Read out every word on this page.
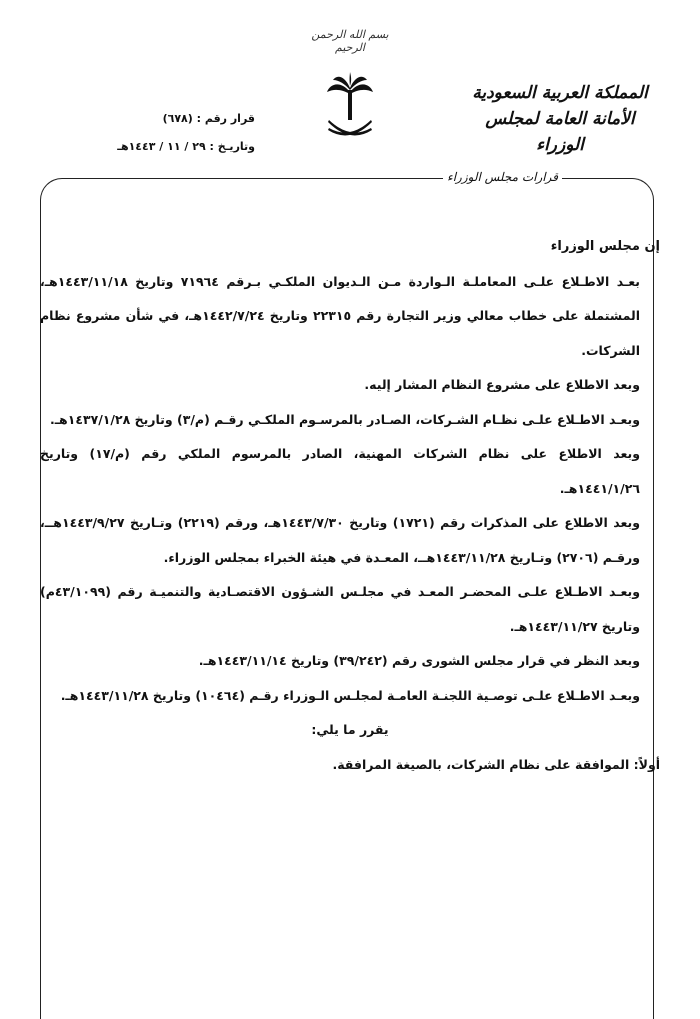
بسم الله الرحمن الرحيم
المملكة العربية السعودية
الأمانة العامة لمجلس الوزراء
قرار رقم : (٦٧٨)
وتاريـخ : ٢٩ / ١١ / ١٤٤٣هـ
قرارات مجلس الوزراء

إن مجلس الوزراء

بعـد الاطـلاع علـى المعاملـة الـواردة مـن الـديوان الملكـي بـرقم ٧١٩٦٤ وتاريخ ١٤٤٣/١١/١٨هـ، المشتملة على خطاب معالي وزير التجارة رقم ٢٢٣١٥ وتاريخ ١٤٤٢/٧/٢٤هـ، في شأن مشروع نظام الشركات.

وبعد الاطلاع على مشروع النظام المشار إليه.

وبعـد الاطـلاع علـى نظـام الشـركات، الصـادر بالمرسـوم الملكـي رقـم (م/٣) وتاريخ ١٤٣٧/١/٢٨هـ.

وبعد الاطلاع على نظام الشركات المهنية، الصادر بالمرسوم الملكي رقم (م/١٧) وتاريخ ١٤٤١/١/٢٦هـ.

وبعد الاطلاع على المذكرات رقم (١٧٢١) وتاريخ ١٤٤٣/٧/٣٠هـ، ورقم (٢٢١٩) وتـاريخ ١٤٤٣/٩/٢٧هــ، ورقـم (٢٧٠٦) وتـاريخ ١٤٤٣/١١/٢٨هــ، المعـدة في هيئة الخبراء بمجلس الوزراء.

وبعـد الاطـلاع علـى المحضـر المعـد في مجلـس الشـؤون الاقتصـادية والتنميـة رقم (٤٣/١٠٩٩م) وتاريخ ١٤٤٣/١١/٢٧هـ.

وبعد النظر في قرار مجلس الشورى رقم (٣٩/٢٤٢) وتاريخ ١٤٤٣/١١/١٤هـ.

وبعـد الاطـلاع علـى توصـية اللجنـة العامـة لمجلـس الـوزراء رقـم (١٠٤٦٤) وتاريخ ١٤٤٣/١١/٢٨هـ.

يقرر ما يلي:

أولاً: الموافقة على نظام الشركات، بالصيغة المرافقة.
